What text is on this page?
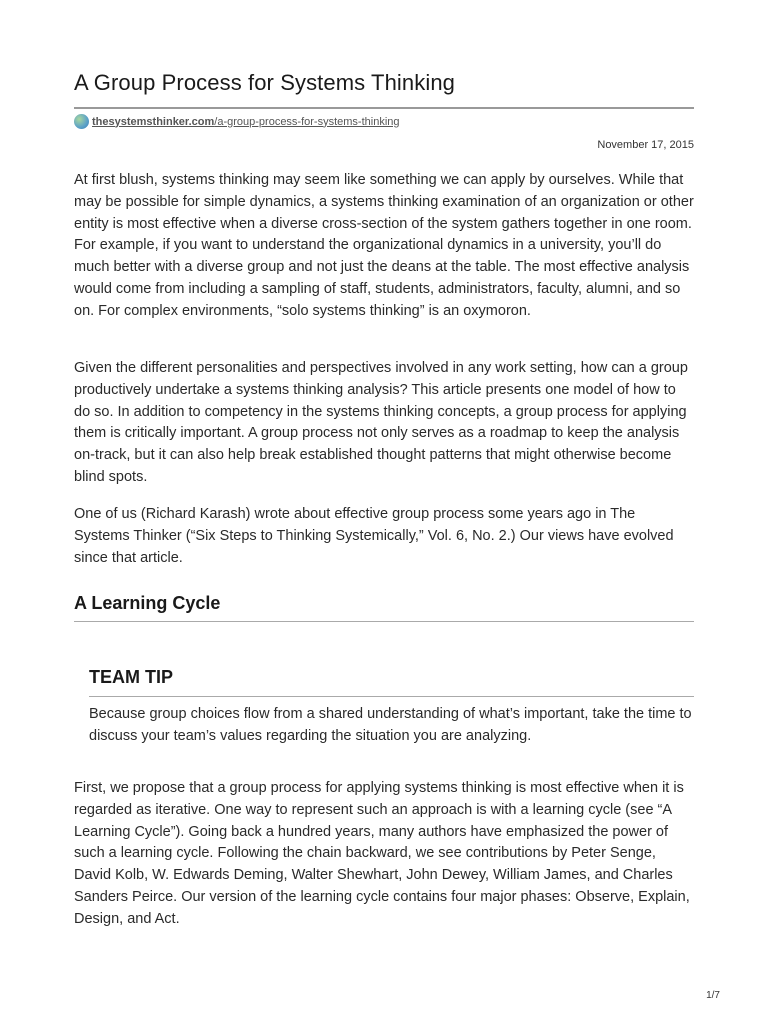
A Group Process for Systems Thinking
thesystemsthinker.com/a-group-process-for-systems-thinking
November 17, 2015

At first blush, systems thinking may seem like something we can apply by ourselves. While that may be possible for simple dynamics, a systems thinking examination of an organization or other entity is most effective when a diverse cross-section of the system gathers together in one room. For example, if you want to understand the organizational dynamics in a university, you’ll do much better with a diverse group and not just the deans at the table. The most effective analysis would come from including a sampling of staff, students, administrators, faculty, alumni, and so on. For complex environments, “solo systems thinking” is an oxymoron.

Given the different personalities and perspectives involved in any work setting, how can a group productively undertake a systems thinking analysis? This article presents one model of how to do so. In addition to competency in the systems thinking concepts, a group process for applying them is critically important. A group process not only serves as a roadmap to keep the analysis on-track, but it can also help break established thought patterns that might otherwise become blind spots.

One of us (Richard Karash) wrote about effective group process some years ago in The Systems Thinker (“Six Steps to Thinking Systemically,” Vol. 6, No. 2.) Our views have evolved since that article.

A Learning Cycle
TEAM TIP

Because group choices flow from a shared understanding of what’s important, take the time to discuss your team’s values regarding the situation you are analyzing.

First, we propose that a group process for applying systems thinking is most effective when it is regarded as iterative. One way to represent such an approach is with a learning cycle (see “A Learning Cycle”). Going back a hundred years, many authors have emphasized the power of such a learning cycle. Following the chain backward, we see contributions by Peter Senge, David Kolb, W. Edwards Deming, Walter Shewhart, John Dewey, William James, and Charles Sanders Peirce. Our version of the learning cycle contains four major phases: Observe, Explain, Design, and Act.

1/7
